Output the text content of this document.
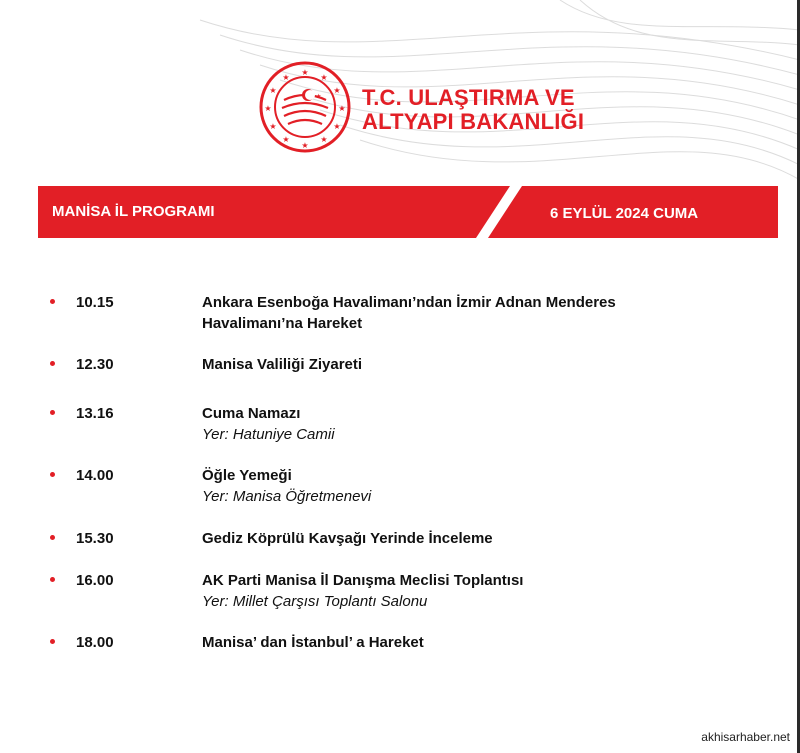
★
★
★
★
★
★
★
★
★
★
★
★
★ T.C. ULAŞTIRMA VE
ALTYAPI BAKANLIĞI
MANİSA İL PROGRAMI	6 EYLÜL 2024 CUMA
10.15	Ankara Esenboğa Havalimanı’ndan İzmir Adnan Menderes Havalimanı’na Hareket
12.30	Manisa Valiliği Ziyareti
13.16	Cuma Namazı
Yer: Hatuniye Camii
14.00	Öğle Yemeği
Yer: Manisa Öğretmenevi
15.30	Gediz Köprülü Kavşağı Yerinde İnceleme
16.00	AK Parti Manisa İl Danışma Meclisi Toplantısı
Yer: Millet Çarşısı Toplantı Salonu
18.00	Manisa’ dan İstanbul’ a Hareket
akhisarhaber.net
